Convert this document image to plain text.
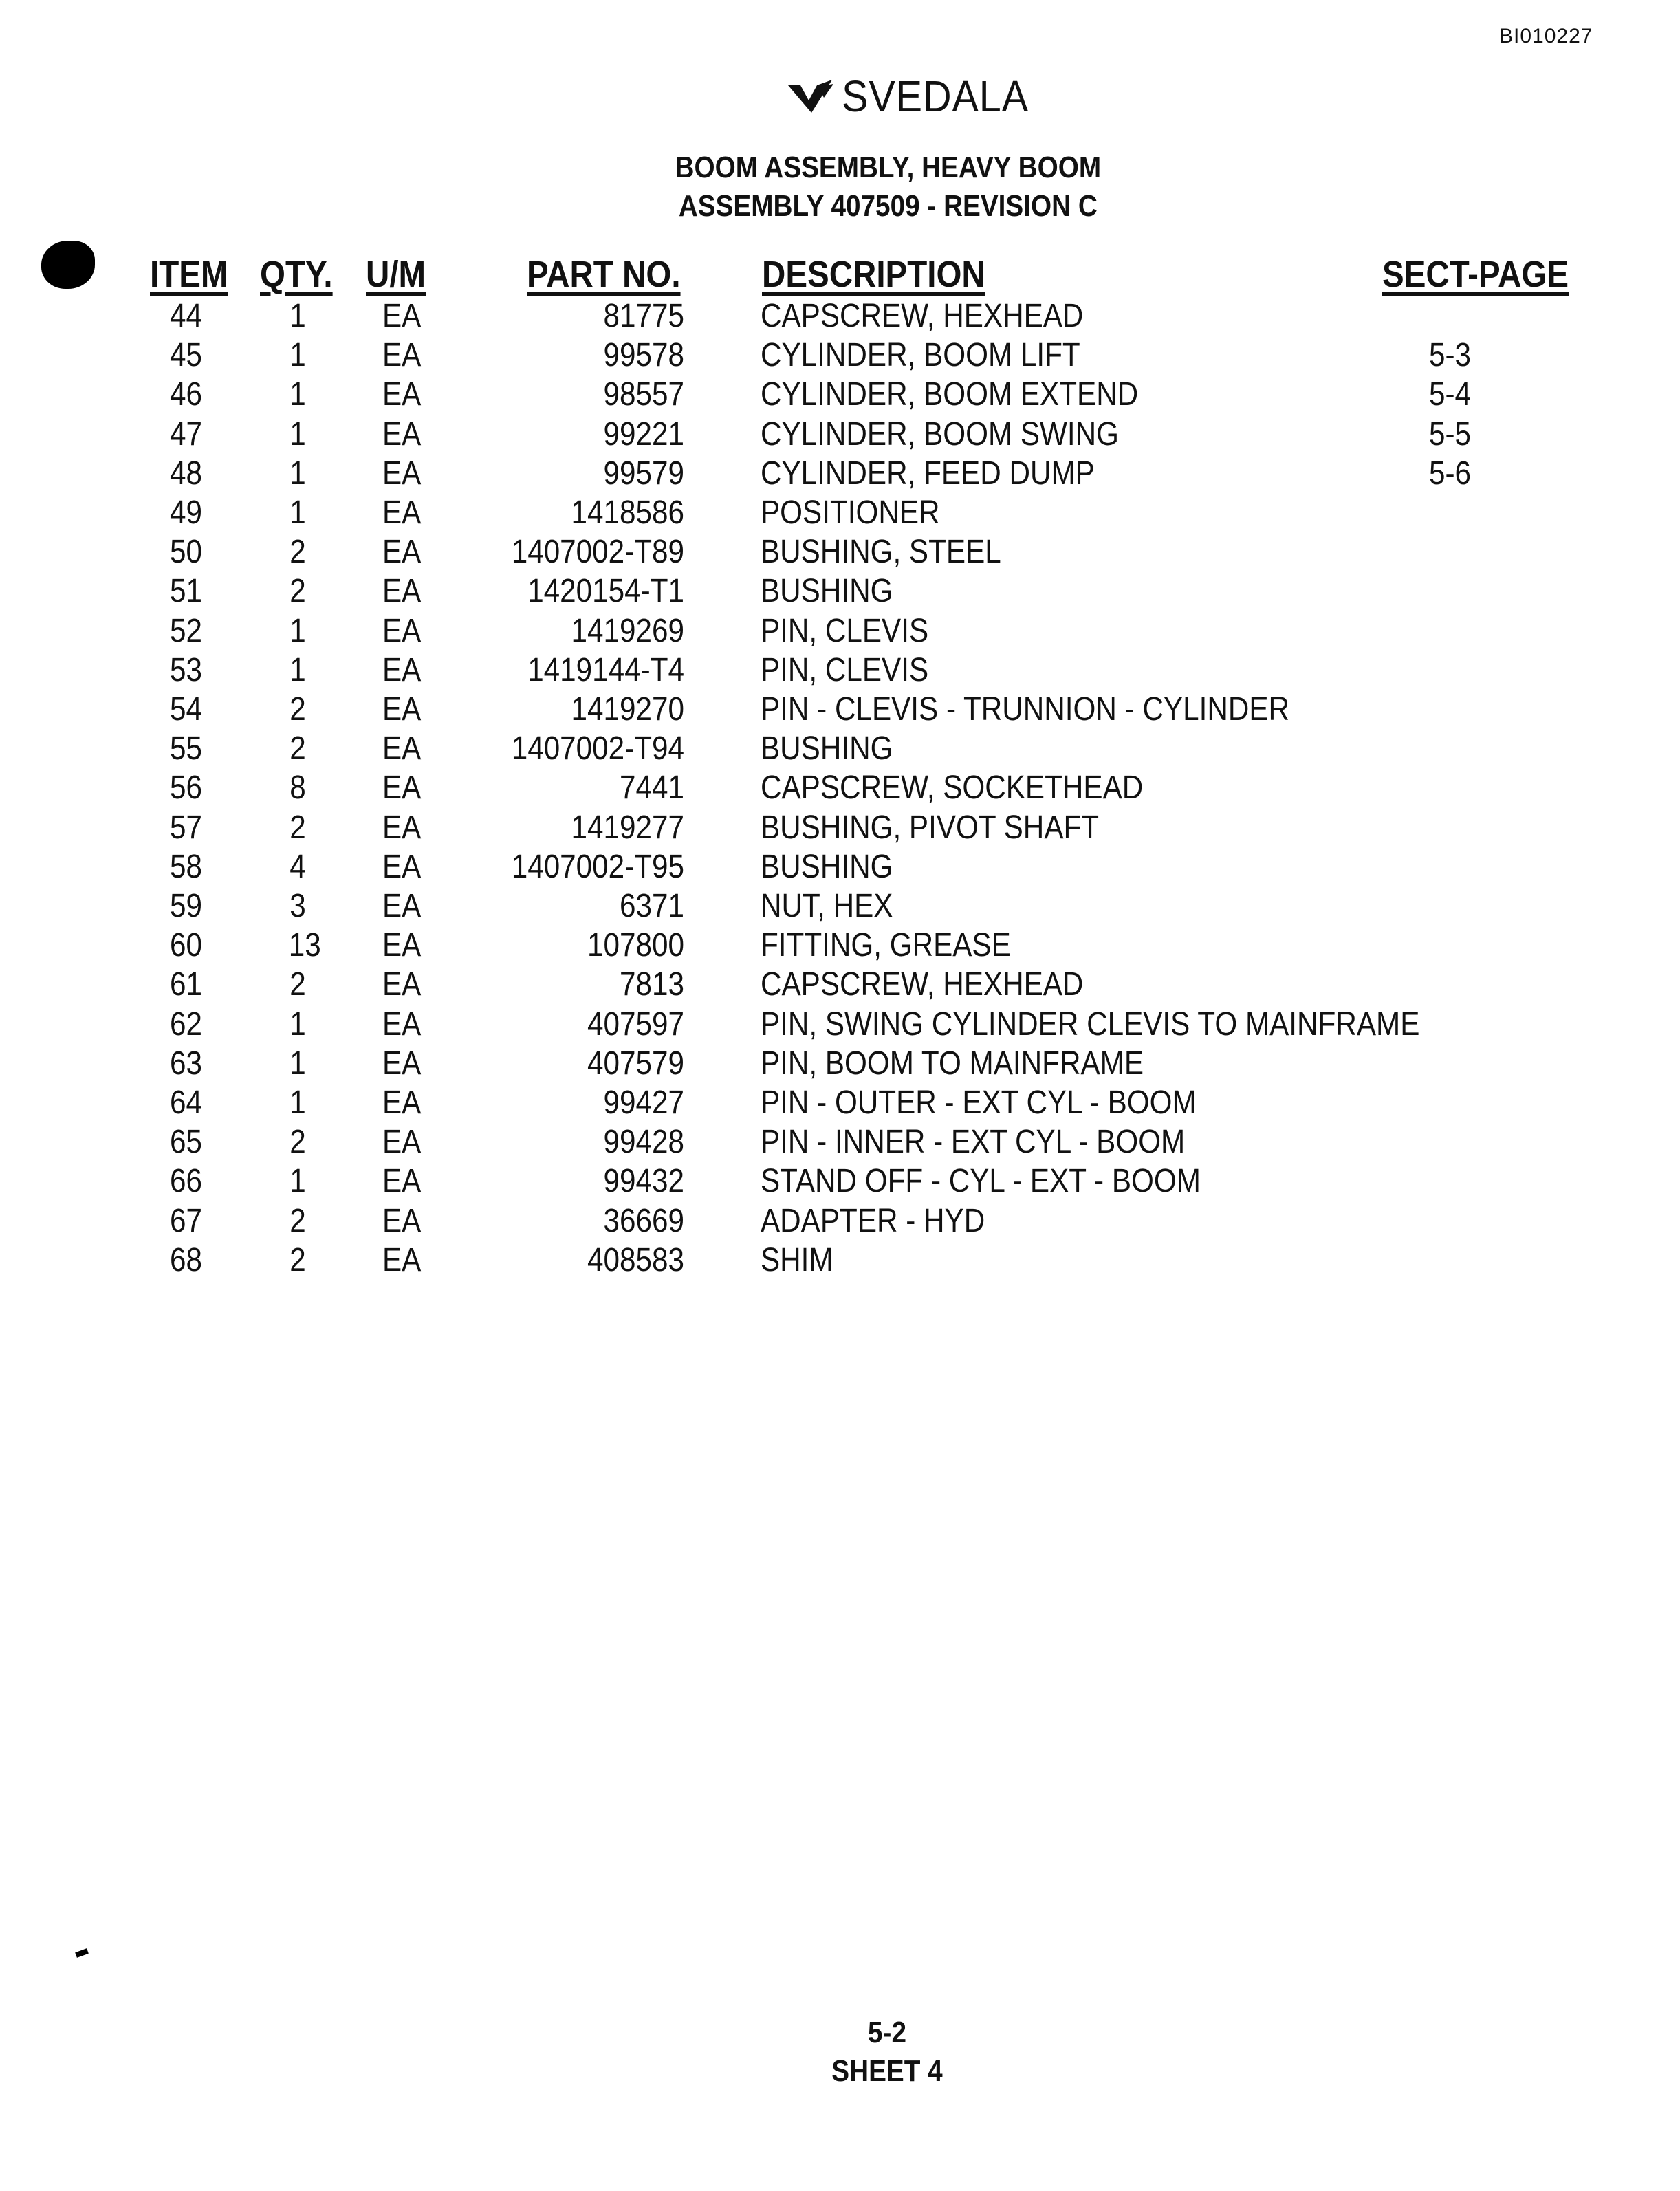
BI010227
SVEDALA
BOOM ASSEMBLY, HEAVY BOOM
ASSEMBLY 407509 - REVISION C
ITEM QTY. U/M	PART NO. DESCRIPTION	SECT-PAGE
44	1 EA	81775 CAPSCREW, HEXHEAD
45	1 EA	99578 CYLINDER, BOOM LIFT	5-3
46	1 EA	98557 CYLINDER, BOOM EXTEND	5-4
47	1 EA	99221 CYLINDER, BOOM SWING	5-5
48	1 EA	99579 CYLINDER, FEED DUMP	5-6
49	1 EA	1418586 POSITIONER
50	2 EA	1407002-T89 BUSHING, STEEL
51	2 EA	1420154-T1 BUSHING
52	1 EA	1419269 PIN, CLEVIS
53	1 EA	1419144-T4 PIN, CLEVIS
54	2 EA	1419270 PIN - CLEVIS - TRUNNION - CYLINDER
55	2 EA	1407002-T94 BUSHING
56	8 EA	7441 CAPSCREW, SOCKETHEAD
57	2 EA	1419277 BUSHING, PIVOT SHAFT
58	4 EA	1407002-T95 BUSHING
59	3 EA	6371 NUT, HEX
60	13 EA	107800 FITTING, GREASE
61	2 EA	7813 CAPSCREW, HEXHEAD
62	1 EA	407597 PIN, SWING CYLINDER CLEVIS TO MAINFRAME
63	1 EA	407579 PIN, BOOM TO MAINFRAME
64	1 EA	99427 PIN - OUTER - EXT CYL - BOOM
65	2 EA	99428 PIN - INNER - EXT CYL - BOOM
66	1 EA	99432 STAND OFF - CYL - EXT - BOOM
67	2 EA	36669 ADAPTER - HYD
68	2 EA	408583 SHIM
5-2
SHEET 4
